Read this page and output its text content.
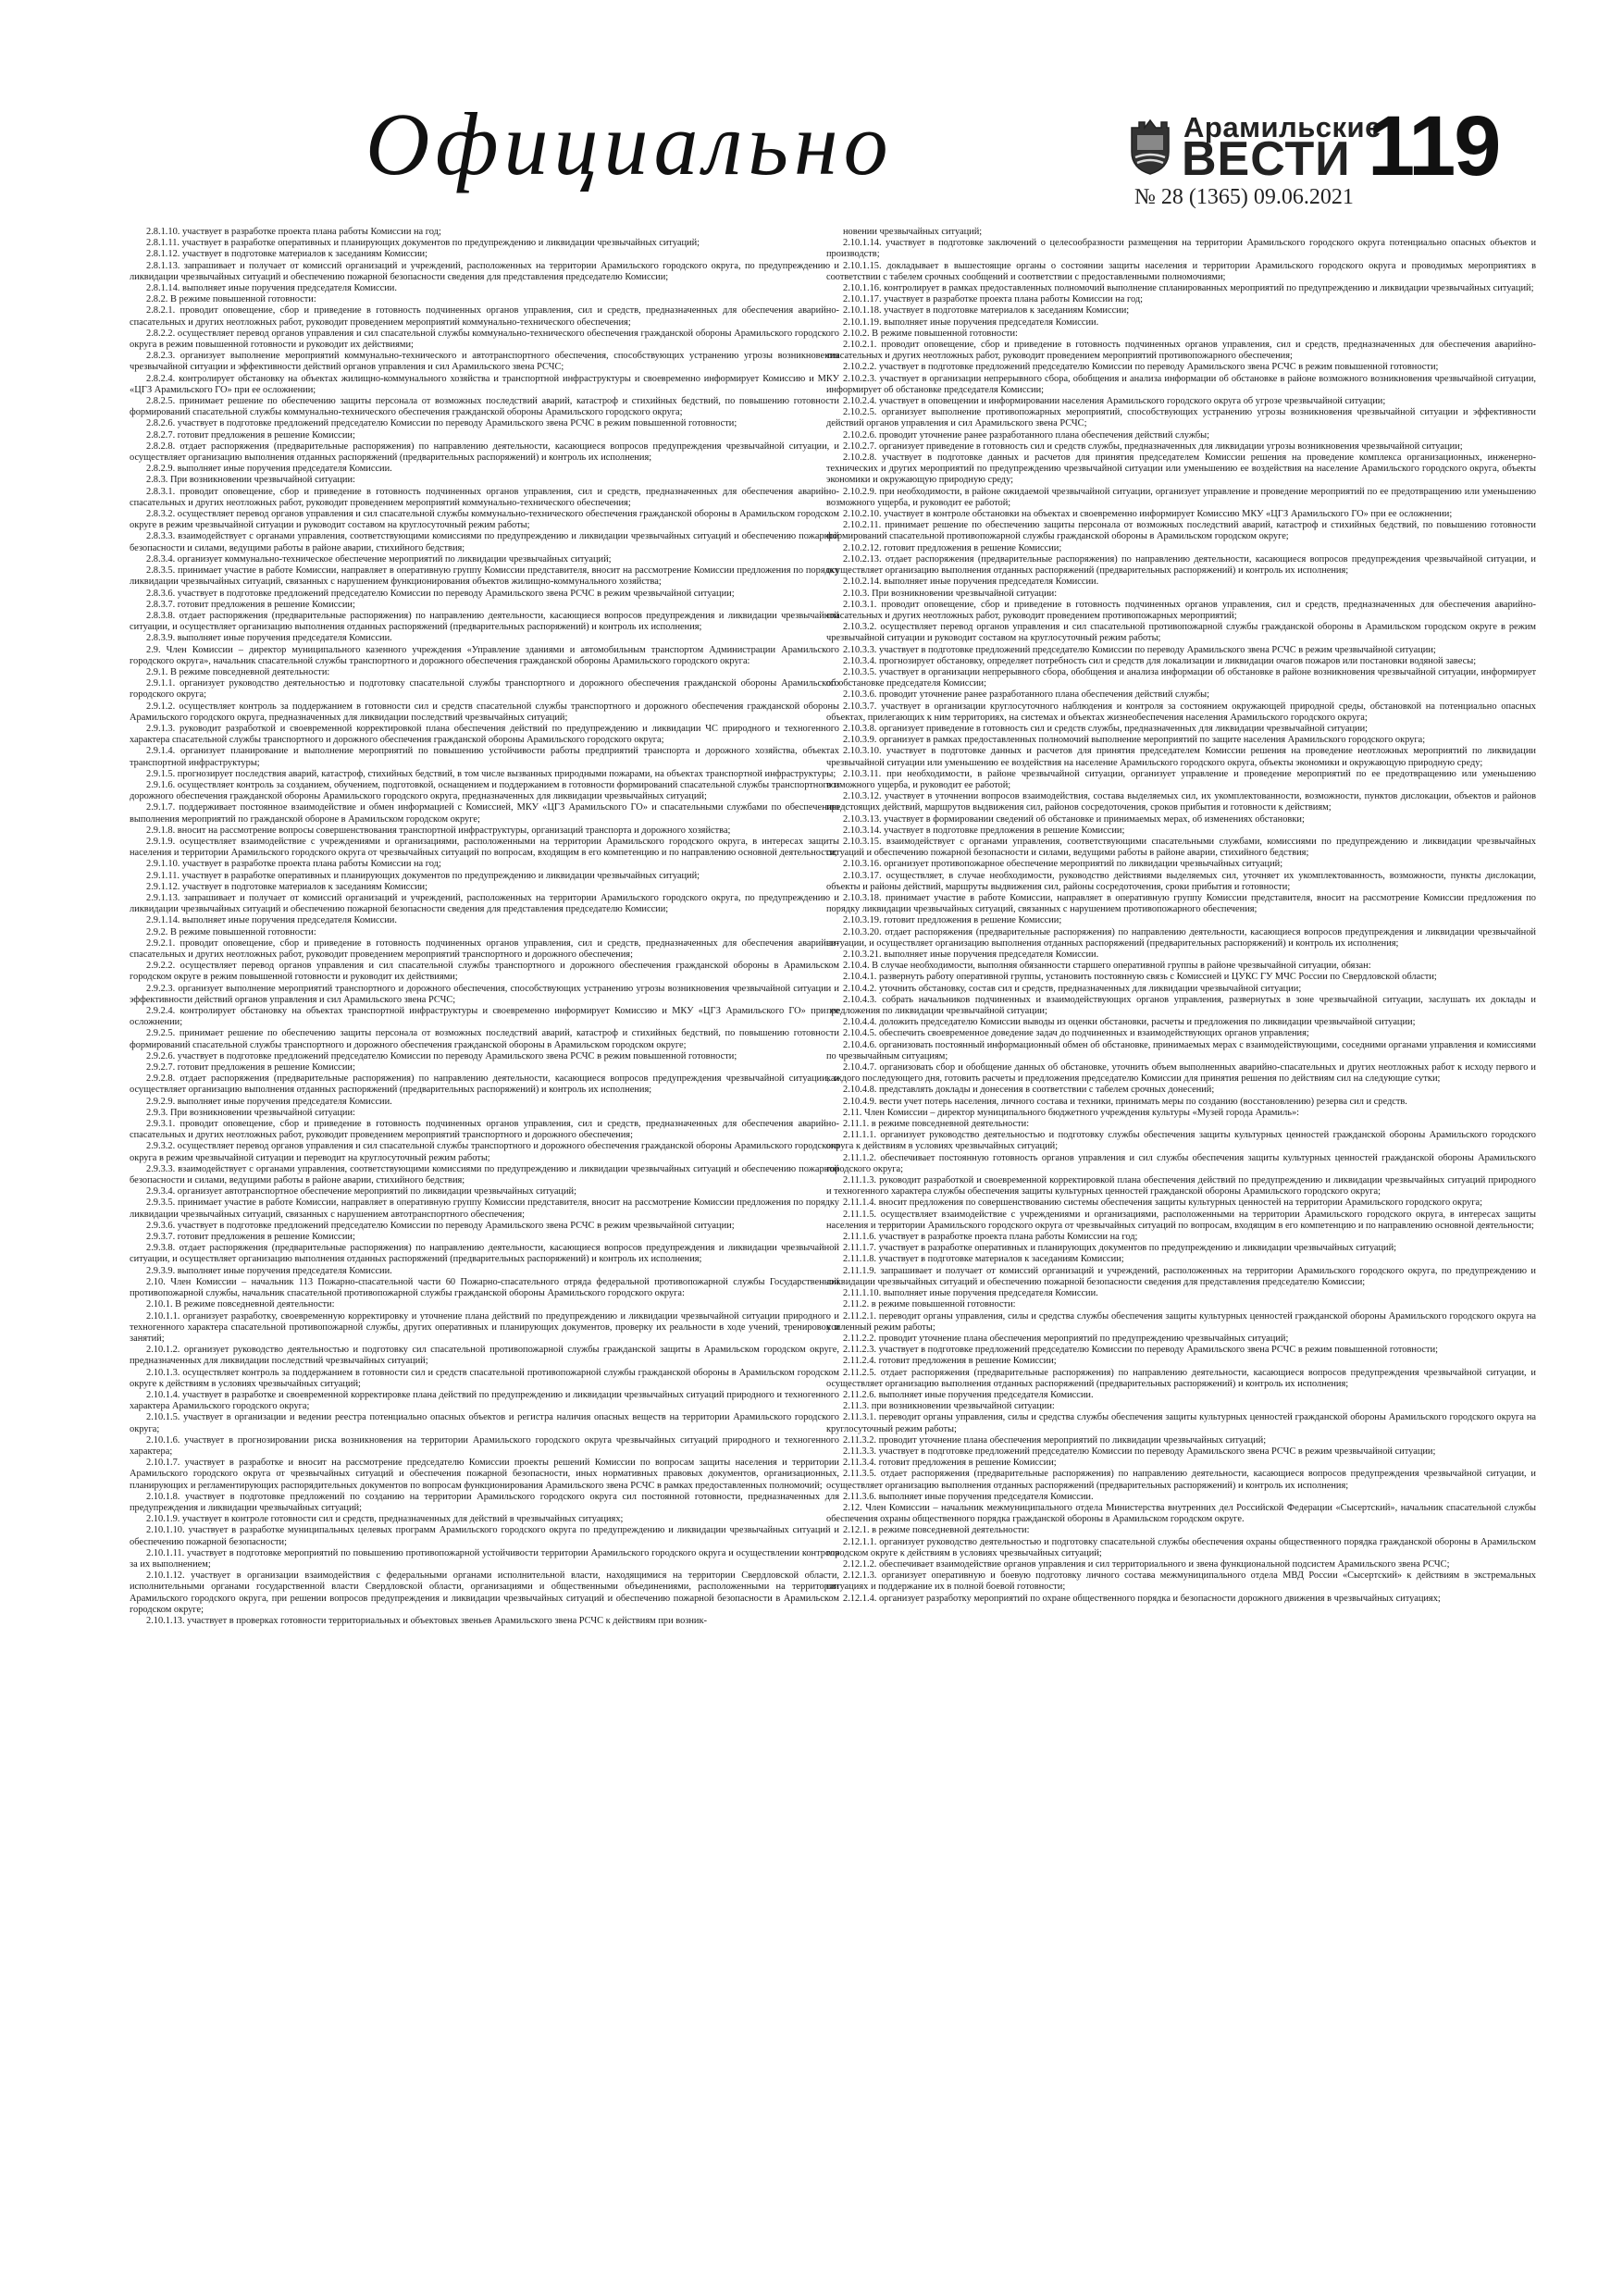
Официально	Арамильские
ВЕСТИ 119
№ 28 (1365) 09.06.2021

2.8.1.10. участвует в разработке проекта плана работы Комиссии на год;

2.8.1.11. участвует в разработке оперативных и планирующих документов по предупреждению и ликвидации чрезвычайных ситуаций;

2.8.1.12. участвует в подготовке материалов к заседаниям Комиссии;

2.8.1.13. запрашивает и получает от комиссий организаций и учреждений, расположенных на территории Арамильского городского округа, по предупреждению и ликвидации чрезвычайных ситуаций и обеспечению пожарной безопасности сведения для представления председателю Комиссии;

2.8.1.14. выполняет иные поручения председателя Комиссии.

2.8.2. В режиме повышенной готовности:

2.8.2.1. проводит оповещение, сбор и приведение в готовность подчиненных органов управления, сил и средств, предназначенных для обеспечения аварийно-спасательных и других неотложных работ, руководит проведением мероприятий коммунально-технического обеспечения;

2.8.2.2. осуществляет перевод органов управления и сил спасательной службы коммунально-технического обеспечения гражданской обороны Арамильского городского округа в режим повышенной готовности и руководит их действиями;

2.8.2.3. организует выполнение мероприятий коммунально-технического и автотранспортного обеспечения, способствующих устранению угрозы возникновения чрезвычайной ситуации и эффективности действий органов управления и сил Арамильского звена РСЧС;

2.8.2.4. контролирует обстановку на объектах жилищно-коммунального хозяйства и транспортной инфраструктуры и своевременно информирует Комиссию и МКУ «ЦГЗ Арамильского ГО» при ее осложнении;

2.8.2.5. принимает решение по обеспечению защиты персонала от возможных последствий аварий, катастроф и стихийных бедствий, по повышению готовности формирований спасательной службы коммунально-технического обеспечения гражданской обороны Арамильского городского округа;

2.8.2.6. участвует в подготовке предложений председателю Комиссии по переводу Арамильского звена РСЧС в режим повышенной готовности;

2.8.2.7. готовит предложения в решение Комиссии;

2.8.2.8. отдает распоряжения (предварительные распоряжения) по направлению деятельности, касающиеся вопросов предупреждения чрезвычайной ситуации, и осуществляет организацию выполнения отданных распоряжений (предварительных распоряжений) и контроль их исполнения;

2.8.2.9. выполняет иные поручения председателя Комиссии.

2.8.3. При возникновении чрезвычайной ситуации:

2.8.3.1. проводит оповещение, сбор и приведение в готовность подчиненных органов управления, сил и средств, предназначенных для обеспечения аварийно-спасательных и других неотложных работ, руководит проведением мероприятий коммунально-технического обеспечения;

2.8.3.2. осуществляет перевод органов управления и сил спасательной службы коммунально-технического обеспечения гражданской обороны в Арамильском городском округе в режим чрезвычайной ситуации и руководит составом на круглосуточный режим работы;

2.8.3.3. взаимодействует с органами управления, соответствующими комиссиями по предупреждению и ликвидации чрезвычайных ситуаций и обеспечению пожарной безопасности и силами, ведущими работы в районе аварии, стихийного бедствия;

2.8.3.4. организует коммунально-техническое обеспечение мероприятий по ликвидации чрезвычайных ситуаций;

2.8.3.5. принимает участие в работе Комиссии, направляет в оперативную группу Комиссии представителя, вносит на рассмотрение Комиссии предложения по порядку ликвидации чрезвычайных ситуаций, связанных с нарушением функционирования объектов жилищно-коммунального хозяйства;

2.8.3.6. участвует в подготовке предложений председателю Комиссии по переводу Арамильского звена РСЧС в режим чрезвычайной ситуации;

2.8.3.7. готовит предложения в решение Комиссии;

2.8.3.8. отдает распоряжения (предварительные распоряжения) по направлению деятельности, касающиеся вопросов предупреждения и ликвидации чрезвычайной ситуации, и осуществляет организацию выполнения отданных распоряжений (предварительных распоряжений) и контроль их исполнения;

2.8.3.9. выполняет иные поручения председателя Комиссии.

2.9. Член Комиссии – директор муниципального казенного учреждения «Управление зданиями и автомобильным транспортом Администрации Арамильского городского округа», начальник спасательной службы транспортного и дорожного обеспечения гражданской обороны Арамильского городского округа:

2.9.1. В режиме повседневной деятельности:

2.9.1.1. организует руководство деятельностью и подготовку спасательной службы транспортного и дорожного обеспечения гражданской обороны Арамильского городского округа;

2.9.1.2. осуществляет контроль за поддержанием в готовности сил и средств спасательной службы транспортного и дорожного обеспечения гражданской обороны Арамильского городского округа, предназначенных для ликвидации последствий чрезвычайных ситуаций;

2.9.1.3. руководит разработкой и своевременной корректировкой плана обеспечения действий по предупреждению и ликвидации ЧС природного и техногенного характера спасательной службы транспортного и дорожного обеспечения гражданской обороны Арамильского городского округа;

2.9.1.4. организует планирование и выполнение мероприятий по повышению устойчивости работы предприятий транспорта и дорожного хозяйства, объектах транспортной инфраструктуры;

2.9.1.5. прогнозирует последствия аварий, катастроф, стихийных бедствий, в том числе вызванных природными пожарами, на объектах транспортной инфраструктуры;

2.9.1.6. осуществляет контроль за созданием, обучением, подготовкой, оснащением и поддержанием в готовности формирований спасательной службы транспортного и дорожного обеспечения гражданской обороны Арамильского городского округа, предназначенных для ликвидации чрезвычайных ситуаций;

2.9.1.7. поддерживает постоянное взаимодействие и обмен информацией с Комиссией, МКУ «ЦГЗ Арамильского ГО» и спасательными службами по обеспечению выполнения мероприятий по гражданской обороне в Арамильском городском округе;

2.9.1.8. вносит на рассмотрение вопросы совершенствования транспортной инфраструктуры, организаций транспорта и дорожного хозяйства;

2.9.1.9. осуществляет взаимодействие с учреждениями и организациями, расположенными на территории Арамильского городского округа, в интересах защиты населения и территории Арамильского городского округа от чрезвычайных ситуаций по вопросам, входящим в его компетенцию и по направлению основной деятельности;

2.9.1.10. участвует в разработке проекта плана работы Комиссии на год;

2.9.1.11. участвует в разработке оперативных и планирующих документов по предупреждению и ликвидации чрезвычайных ситуаций;

2.9.1.12. участвует в подготовке материалов к заседаниям Комиссии;

2.9.1.13. запрашивает и получает от комиссий организаций и учреждений, расположенных на территории Арамильского городского округа, по предупреждению и ликвидации чрезвычайных ситуаций и обеспечению пожарной безопасности сведения для представления председателю Комиссии;

2.9.1.14. выполняет иные поручения председателя Комиссии.

2.9.2. В режиме повышенной готовности:

2.9.2.1. проводит оповещение, сбор и приведение в готовность подчиненных органов управления, сил и средств, предназначенных для обеспечения аварийно-спасательных и других неотложных работ, руководит проведением мероприятий транспортного и дорожного обеспечения;

2.9.2.2. осуществляет перевод органов управления и сил спасательной службы транспортного и дорожного обеспечения гражданской обороны в Арамильском городском округе в режим повышенной готовности и руководит их действиями;

2.9.2.3. организует выполнение мероприятий транспортного и дорожного обеспечения, способствующих устранению угрозы возникновения чрезвычайной ситуации и эффективности действий органов управления и сил Арамильского звена РСЧС;

2.9.2.4. контролирует обстановку на объектах транспортной инфраструктуры и своевременно информирует Комиссию и МКУ «ЦГЗ Арамильского ГО» при ее осложнении;

2.9.2.5. принимает решение по обеспечению защиты персонала от возможных последствий аварий, катастроф и стихийных бедствий, по повышению готовности формирований спасательной службы транспортного и дорожного обеспечения гражданской обороны в Арамильском городском округе;

2.9.2.6. участвует в подготовке предложений председателю Комиссии по переводу Арамильского звена РСЧС в режим повышенной готовности;

2.9.2.7. готовит предложения в решение Комиссии;

2.9.2.8. отдает распоряжения (предварительные распоряжения) по направлению деятельности, касающиеся вопросов предупреждения чрезвычайной ситуации, и осуществляет организацию выполнения отданных распоряжений (предварительных распоряжений) и контроль их исполнения;

2.9.2.9. выполняет иные поручения председателя Комиссии.

2.9.3. При возникновении чрезвычайной ситуации:

2.9.3.1. проводит оповещение, сбор и приведение в готовность подчиненных органов управления, сил и средств, предназначенных для обеспечения аварийно-спасательных и других неотложных работ, руководит проведением мероприятий транспортного и дорожного обеспечения;

2.9.3.2. осуществляет перевод органов управления и сил спасательной службы транспортного и дорожного обеспечения гражданской обороны Арамильского городского округа в режим чрезвычайной ситуации и переводит на круглосуточный режим работы;

2.9.3.3. взаимодействует с органами управления, соответствующими комиссиями по предупреждению и ликвидации чрезвычайных ситуаций и обеспечению пожарной безопасности и силами, ведущими работы в районе аварии, стихийного бедствия;

2.9.3.4. организует автотранспортное обеспечение мероприятий по ликвидации чрезвычайных ситуаций;

2.9.3.5. принимает участие в работе Комиссии, направляет в оперативную группу Комиссии представителя, вносит на рассмотрение Комиссии предложения по порядку ликвидации чрезвычайных ситуаций, связанных с нарушением автотранспортного обеспечения;

2.9.3.6. участвует в подготовке предложений председателю Комиссии по переводу Арамильского звена РСЧС в режим чрезвычайной ситуации;

2.9.3.7. готовит предложения в решение Комиссии;

2.9.3.8. отдает распоряжения (предварительные распоряжения) по направлению деятельности, касающиеся вопросов предупреждения и ликвидации чрезвычайной ситуации, и осуществляет организацию выполнения отданных распоряжений (предварительных распоряжений) и контроль их исполнения;

2.9.3.9. выполняет иные поручения председателя Комиссии.

2.10. Член Комиссии – начальник 113 Пожарно-спасательной части 60 Пожарно-спасательного отряда федеральной противопожарной службы Государственной противопожарной службы, начальник спасательной противопожарной службы гражданской обороны Арамильского городского округа:

2.10.1. В режиме повседневной деятельности:

2.10.1.1. организует разработку, своевременную корректировку и уточнение плана действий по предупреждению и ликвидации чрезвычайной ситуации природного и техногенного характера спасательной противопожарной службы, других оперативных и планирующих документов, проверку их реальности в ходе учений, тренировок и занятий;

2.10.1.2. организует руководство деятельностью и подготовку сил спасательной противопожарной службы гражданской защиты в Арамильском городском округе, предназначенных для ликвидации последствий чрезвычайных ситуаций;

2.10.1.3. осуществляет контроль за поддержанием в готовности сил и средств спасательной противопожарной службы гражданской обороны в Арамильском городском округе к действиям в условиях чрезвычайных ситуаций;

2.10.1.4. участвует в разработке и своевременной корректировке плана действий по предупреждению и ликвидации чрезвычайных ситуаций природного и техногенного характера Арамильского городского округа;

2.10.1.5. участвует в организации и ведении реестра потенциально опасных объектов и регистра наличия опасных веществ на территории Арамильского городского округа;

2.10.1.6. участвует в прогнозировании риска возникновения на территории Арамильского городского округа чрезвычайных ситуаций природного и техногенного характера;

2.10.1.7. участвует в разработке и вносит на рассмотрение председателю Комиссии проекты решений Комиссии по вопросам защиты населения и территории Арамильского городского округа от чрезвычайных ситуаций и обеспечения пожарной безопасности, иных нормативных правовых документов, организационных, планирующих и регламентирующих распорядительных документов по вопросам функционирования Арамильского звена РСЧС в рамках предоставленных полномочий;

2.10.1.8. участвует в подготовке предложений по созданию на территории Арамильского городского округа сил постоянной готовности, предназначенных для предупреждения и ликвидации чрезвычайных ситуаций;

2.10.1.9. участвует в контроле готовности сил и средств, предназначенных для действий в чрезвычайных ситуациях;

2.10.1.10. участвует в разработке муниципальных целевых программ Арамильского городского округа по предупреждению и ликвидации чрезвычайных ситуаций и обеспечению пожарной безопасности;

2.10.1.11. участвует в подготовке мероприятий по повышению противопожарной устойчивости территории Арамильского городского округа и осуществлении контроля за их выполнением;

2.10.1.12. участвует в организации взаимодействия с федеральными органами исполнительной власти, находящимися на территории Свердловской области, исполнительными органами государственной власти Свердловской области, организациями и общественными объединениями, расположенными на территории Арамильского городского округа, при решении вопросов предупреждения и ликвидации чрезвычайных ситуаций и обеспечению пожарной безопасности в Арамильском городском округе;

2.10.1.13. участвует в проверках готовности территориальных и объектовых звеньев Арамильского звена РСЧС к действиям при возник-

новении чрезвычайных ситуаций;

2.10.1.14. участвует в подготовке заключений о целесообразности размещения на территории Арамильского городского округа потенциально опасных объектов и производств;

2.10.1.15. докладывает в вышестоящие органы о состоянии защиты населения и территории Арамильского городского округа и проводимых мероприятиях в соответствии с табелем срочных сообщений и соответствии с предоставленными полномочиями;

2.10.1.16. контролирует в рамках предоставленных полномочий выполнение спланированных мероприятий по предупреждению и ликвидации чрезвычайных ситуаций;

2.10.1.17. участвует в разработке проекта плана работы Комиссии на год;

2.10.1.18. участвует в подготовке материалов к заседаниям Комиссии;

2.10.1.19. выполняет иные поручения председателя Комиссии.

2.10.2. В режиме повышенной готовности:

2.10.2.1. проводит оповещение, сбор и приведение в готовность подчиненных органов управления, сил и средств, предназначенных для обеспечения аварийно-спасательных и других неотложных работ, руководит проведением мероприятий противопожарного обеспечения;

2.10.2.2. участвует в подготовке предложений председателю Комиссии по переводу Арамильского звена РСЧС в режим повышенной готовности;

2.10.2.3. участвует в организации непрерывного сбора, обобщения и анализа информации об обстановке в районе возможного возникновения чрезвычайной ситуации, информирует об обстановке председателя Комиссии;

2.10.2.4. участвует в оповещении и информировании населения Арамильского городского округа об угрозе чрезвычайной ситуации;

2.10.2.5. организует выполнение противопожарных мероприятий, способствующих устранению угрозы возникновения чрезвычайной ситуации и эффективности действий органов управления и сил Арамильского звена РСЧС;

2.10.2.6. проводит уточнение ранее разработанного плана обеспечения действий службы;

2.10.2.7. организует приведение в готовность сил и средств службы, предназначенных для ликвидации угрозы возникновения чрезвычайной ситуации;

2.10.2.8. участвует в подготовке данных и расчетов для принятия председателем Комиссии решения на проведение комплекса организационных, инженерно-технических и других мероприятий по предупреждению чрезвычайной ситуации или уменьшению ее воздействия на население Арамильского городского округа, объекты экономики и окружающую природную среду;

2.10.2.9. при необходимости, в районе ожидаемой чрезвычайной ситуации, организует управление и проведение мероприятий по ее предотвращению или уменьшению возможного ущерба, и руководит ее работой;

2.10.2.10. участвует в контроле обстановки на объектах и своевременно информирует Комиссию МКУ «ЦГЗ Арамильского ГО» при ее осложнении;

2.10.2.11. принимает решение по обеспечению защиты персонала от возможных последствий аварий, катастроф и стихийных бедствий, по повышению готовности формирований спасательной противопожарной службы гражданской обороны в Арамильском городском округе;

2.10.2.12. готовит предложения в решение Комиссии;

2.10.2.13. отдает распоряжения (предварительные распоряжения) по направлению деятельности, касающиеся вопросов предупреждения чрезвычайной ситуации, и осуществляет организацию выполнения отданных распоряжений (предварительных распоряжений) и контроль их исполнения;

2.10.2.14. выполняет иные поручения председателя Комиссии.

2.10.3. При возникновении чрезвычайной ситуации:

2.10.3.1. проводит оповещение, сбор и приведение в готовность подчиненных органов управления, сил и средств, предназначенных для обеспечения аварийно-спасательных и других неотложных работ, руководит проведением противопожарных мероприятий;

2.10.3.2. осуществляет перевод органов управления и сил спасательной противопожарной службы гражданской обороны в Арамильском городском округе в режим чрезвычайной ситуации и руководит составом на круглосуточный режим работы;

2.10.3.3. участвует в подготовке предложений председателю Комиссии по переводу Арамильского звена РСЧС в режим чрезвычайной ситуации;

2.10.3.4. прогнозирует обстановку, определяет потребность сил и средств для локализации и ликвидации очагов пожаров или постановки водяной завесы;

2.10.3.5. участвует в организации непрерывного сбора, обобщения и анализа информации об обстановке в районе возникновения чрезвычайной ситуации, информирует об обстановке председателя Комиссии;

2.10.3.6. проводит уточнение ранее разработанного плана обеспечения действий службы;

2.10.3.7. участвует в организации круглосуточного наблюдения и контроля за состоянием окружающей природной среды, обстановкой на потенциально опасных объектах, прилегающих к ним территориях, на системах и объектах жизнеобеспечения населения Арамильского городского округа;

2.10.3.8. организует приведение в готовность сил и средств службы, предназначенных для ликвидации чрезвычайной ситуации;

2.10.3.9. организует в рамках предоставленных полномочий выполнение мероприятий по защите населения Арамильского городского округа;

2.10.3.10. участвует в подготовке данных и расчетов для принятия председателем Комиссии решения на проведение неотложных мероприятий по ликвидации чрезвычайной ситуации или уменьшению ее воздействия на население Арамильского городского округа, объекты экономики и окружающую природную среду;

2.10.3.11. при необходимости, в районе чрезвычайной ситуации, организует управление и проведение мероприятий по ее предотвращению или уменьшению возможного ущерба, и руководит ее работой;

2.10.3.12. участвует в уточнении вопросов взаимодействия, состава выделяемых сил, их укомплектованности, возможности, пунктов дислокации, объектов и районов предстоящих действий, маршрутов выдвижения сил, районов сосредоточения, сроков прибытия и готовности к действиям;

2.10.3.13. участвует в формировании сведений об обстановке и принимаемых мерах, об изменениях обстановки;

2.10.3.14. участвует в подготовке предложения в решение Комиссии;

2.10.3.15. взаимодействует с органами управления, соответствующими спасательными службами, комиссиями по предупреждению и ликвидации чрезвычайных ситуаций и обеспечению пожарной безопасности и силами, ведущими работы в районе аварии, стихийного бедствия;

2.10.3.16. организует противопожарное обеспечение мероприятий по ликвидации чрезвычайных ситуаций;

2.10.3.17. осуществляет, в случае необходимости, руководство действиями выделяемых сил, уточняет их укомплектованность, возможности, пункты дислокации, объекты и районы действий, маршруты выдвижения сил, районы сосредоточения, сроки прибытия и готовности;

2.10.3.18. принимает участие в работе Комиссии, направляет в оперативную группу Комиссии представителя, вносит на рассмотрение Комиссии предложения по порядку ликвидации чрезвычайных ситуаций, связанных с нарушением противопожарного обеспечения;

2.10.3.19. готовит предложения в решение Комиссии;

2.10.3.20. отдает распоряжения (предварительные распоряжения) по направлению деятельности, касающиеся вопросов предупреждения и ликвидации чрезвычайной ситуации, и осуществляет организацию выполнения отданных распоряжений (предварительных распоряжений) и контроль их исполнения;

2.10.3.21. выполняет иные поручения председателя Комиссии.

2.10.4. В случае необходимости, выполняя обязанности старшего оперативной группы в районе чрезвычайной ситуации, обязан:

2.10.4.1. развернуть работу оперативной группы, установить постоянную связь с Комиссией и ЦУКС ГУ МЧС России по Свердловской области;

2.10.4.2. уточнить обстановку, состав сил и средств, предназначенных для ликвидации чрезвычайной ситуации;

2.10.4.3. собрать начальников подчиненных и взаимодействующих органов управления, развернутых в зоне чрезвычайной ситуации, заслушать их доклады и предложения по ликвидации чрезвычайной ситуации;

2.10.4.4. доложить председателю Комиссии выводы из оценки обстановки, расчеты и предложения по ликвидации чрезвычайной ситуации;

2.10.4.5. обеспечить своевременное доведение задач до подчиненных и взаимодействующих органов управления;

2.10.4.6. организовать постоянный информационный обмен об обстановке, принимаемых мерах с взаимодействующими, соседними органами управления и комиссиями по чрезвычайным ситуациям;

2.10.4.7. организовать сбор и обобщение данных об обстановке, уточнить объем выполненных аварийно-спасательных и других неотложных работ к исходу первого и каждого последующего дня, готовить расчеты и предложения председателю Комиссии для принятия решения по действиям сил на следующие сутки;

2.10.4.8. представлять доклады и донесения в соответствии с табелем срочных донесений;

2.10.4.9. вести учет потерь населения, личного состава и техники, принимать меры по созданию (восстановлению) резерва сил и средств.

2.11. Член Комиссии – директор муниципального бюджетного учреждения культуры «Музей города Арамиль»:

2.11.1. в режиме повседневной деятельности:

2.11.1.1. организует руководство деятельностью и подготовку службы обеспечения защиты культурных ценностей гражданской обороны Арамильского городского округа к действиям в условиях чрезвычайных ситуаций;

2.11.1.2. обеспечивает постоянную готовность органов управления и сил службы обеспечения защиты культурных ценностей гражданской обороны Арамильского городского округа;

2.11.1.3. руководит разработкой и своевременной корректировкой плана обеспечения действий по предупреждению и ликвидации чрезвычайных ситуаций природного и техногенного характера службы обеспечения защиты культурных ценностей гражданской обороны Арамильского городского округа;

2.11.1.4. вносит предложения по совершенствованию системы обеспечения защиты культурных ценностей на территории Арамильского городского округа;

2.11.1.5. осуществляет взаимодействие с учреждениями и организациями, расположенными на территории Арамильского городского округа, в интересах защиты населения и территории Арамильского городского округа от чрезвычайных ситуаций по вопросам, входящим в его компетенцию и по направлению основной деятельности;

2.11.1.6. участвует в разработке проекта плана работы Комиссии на год;

2.11.1.7. участвует в разработке оперативных и планирующих документов по предупреждению и ликвидации чрезвычайных ситуаций;

2.11.1.8. участвует в подготовке материалов к заседаниям Комиссии;

2.11.1.9. запрашивает и получает от комиссий организаций и учреждений, расположенных на территории Арамильского городского округа, по предупреждению и ликвидации чрезвычайных ситуаций и обеспечению пожарной безопасности сведения для представления председателю Комиссии;

2.11.1.10. выполняет иные поручения председателя Комиссии.

2.11.2. в режиме повышенной готовности:

2.11.2.1. переводит органы управления, силы и средства службы обеспечения защиты культурных ценностей гражданской обороны Арамильского городского округа на усиленный режим работы;

2.11.2.2. проводит уточнение плана обеспечения мероприятий по предупреждению чрезвычайных ситуаций;

2.11.2.3. участвует в подготовке предложений председателю Комиссии по переводу Арамильского звена РСЧС в режим повышенной готовности;

2.11.2.4. готовит предложения в решение Комиссии;

2.11.2.5. отдает распоряжения (предварительные распоряжения) по направлению деятельности, касающиеся вопросов предупреждения чрезвычайной ситуации, и осуществляет организацию выполнения отданных распоряжений (предварительных распоряжений) и контроль их исполнения;

2.11.2.6. выполняет иные поручения председателя Комиссии.

2.11.3. при возникновении чрезвычайной ситуации:

2.11.3.1. переводит органы управления, силы и средства службы обеспечения защиты культурных ценностей гражданской обороны Арамильского городского округа на круглосуточный режим работы;

2.11.3.2. проводит уточнение плана обеспечения мероприятий по ликвидации чрезвычайных ситуаций;

2.11.3.3. участвует в подготовке предложений председателю Комиссии по переводу Арамильского звена РСЧС в режим чрезвычайной ситуации;

2.11.3.4. готовит предложения в решение Комиссии;

2.11.3.5. отдает распоряжения (предварительные распоряжения) по направлению деятельности, касающиеся вопросов предупреждения чрезвычайной ситуации, и осуществляет организацию выполнения отданных распоряжений (предварительных распоряжений) и контроль их исполнения;

2.11.3.6. выполняет иные поручения председателя Комиссии.

2.12. Член Комиссии – начальник межмуниципального отдела Министерства внутренних дел Российской Федерации «Сысертский», начальник спасательной службы обеспечения охраны общественного порядка гражданской обороны в Арамильском городском округе.

2.12.1. в режиме повседневной деятельности:

2.12.1.1. организует руководство деятельностью и подготовку спасательной службы обеспечения охраны общественного порядка гражданской обороны в Арамильском городском округе к действиям в условиях чрезвычайных ситуаций;

2.12.1.2. обеспечивает взаимодействие органов управления и сил территориального и звена функциональной подсистем Арамильского звена РСЧС;

2.12.1.3. организует оперативную и боевую подготовку личного состава межмуниципального отдела МВД России «Сысертский» к действиям в экстремальных ситуациях и поддержание их в полной боевой готовности;

2.12.1.4. организует разработку мероприятий по охране общественного порядка и безопасности дорожного движения в чрезвычайных ситуациях;
